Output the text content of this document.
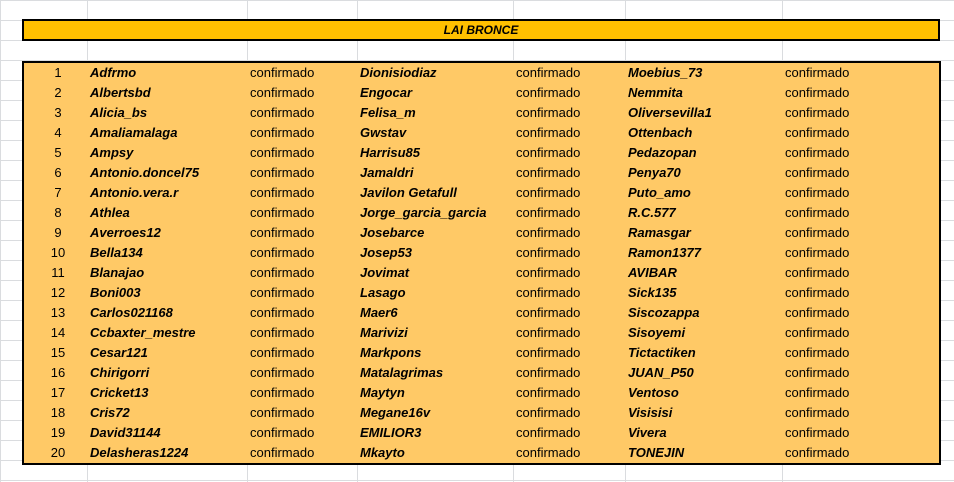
LAI BRONCE
1	Adfrmo	confirmado	Dionisiodiaz	confirmado	Moebius_73	confirmado
2	Albertsbd	confirmado	Engocar	confirmado	Nemmita	confirmado
3	Alicia_bs	confirmado	Felisa_m	confirmado	Oliversevilla1	confirmado
4	Amaliamalaga	confirmado	Gwstav	confirmado	Ottenbach	confirmado
5	Ampsy	confirmado	Harrisu85	confirmado	Pedazopan	confirmado
6	Antonio.doncel75	confirmado	Jamaldri	confirmado	Penya70	confirmado
7	Antonio.vera.r	confirmado	Javilon Getafull	confirmado	Puto_amo	confirmado
8	Athlea	confirmado	Jorge_garcia_garcia confirmado	R.C.577	confirmado
9	Averroes12	confirmado	Josebarce	confirmado	Ramasgar	confirmado
10 Bella134	confirmado	Josep53	confirmado	Ramon1377	confirmado
11 Blanajao	confirmado	Jovimat	confirmado	AVIBAR	confirmado
12 Boni003	confirmado	Lasago	confirmado	Sick135	confirmado
13 Carlos021168	confirmado	Maer6	confirmado	Siscozappa	confirmado
14 Ccbaxter_mestre	confirmado	Marivizi	confirmado	Sisoyemi	confirmado
15 Cesar121	confirmado	Markpons	confirmado	Tictactiken	confirmado
16 Chirigorri	confirmado	Matalagrimas	confirmado	JUAN_P50	confirmado
17 Cricket13	confirmado	Maytyn	confirmado	Ventoso	confirmado
18 Cris72	confirmado	Megane16v	confirmado	Visisisi	confirmado
19 David31144	confirmado	EMILIOR3	confirmado	Vivera	confirmado
20 Delasheras1224	confirmado	Mkayto	confirmado	TONEJIN	confirmado
